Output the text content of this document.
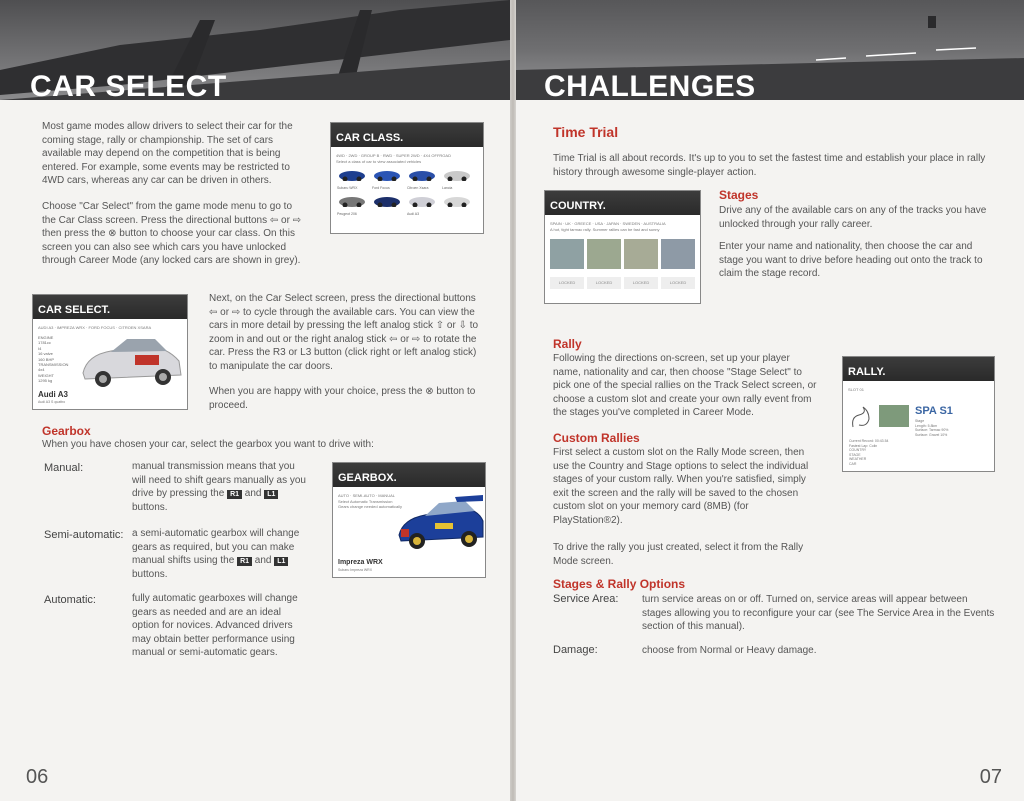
CAR SELECT

Most game modes allow drivers to select their car for the coming stage, rally or championship. The set of cars available may depend on the competition that is being entered. For example, some events may be restricted to 4WD cars, whereas any car can be driven in others.

Choose "Car Select" from the game mode menu to go to the Car Class screen. Press the directional buttons ⇦ or ⇨ then press the ⊗ button to choose your car class. On this screen you can also see which cars you have unlocked through Career Mode (any locked cars are shown in grey).

CAR CLASS.

4WD · 2WD · GROUP B · RWD · SUPER 2WD · 4X4 OFFROAD

Select a class of car to view associated vehicles

Subaru WRX	Ford Focus	Citroen Xsara	Lancia
Peugeot 206	Audi A3

CAR SELECT.

AUDI A3 · IMPREZA WRX · FORD FOCUS · CITROEN XSARA

ENGINE
1781cc
I4
16 valve
160 BHP
TRANSMISSION
4x4
WEIGHT
1295 kg

Audi A3

Audi A3 S quattro

Next, on the Car Select screen, press the directional buttons ⇦ or ⇨ to cycle through the available cars. You can view the cars in more detail by pressing the left analog stick ⇧ or ⇩ to zoom in and out or the right analog stick ⇦ or ⇨ to rotate the car. Press the R3 or L3 button (click right or left analog stick) to manipulate the car doors.

When you are happy with your choice, press the ⊗ button to proceed.

Gearbox

When you have chosen your car, select the gearbox you want to drive with:

Manual:	manual transmission means that you will need to shift gears manually as you drive by pressing the R1 and L1 buttons.

Semi-automatic: a semi-automatic gearbox will change gears as required, but you can make manual shifts using the R1 and L1 buttons.

Automatic:	fully automatic gearboxes will change gears as needed and are an ideal option for novices. Advanced drivers may obtain better performance using manual or semi-automatic gears.

GEARBOX.

AUTO · SEMI-AUTO · MANUAL

Select Automatic Transmission

Gears change needed automatically

Impreza WRX

Subaru Impreza WRX

06

CHALLENGES
Time Trial

Time Trial is all about records. It's up to you to set the fastest time and establish your place in rally history through awesome single-player action.

COUNTRY.

SPAIN · UK · GREECE · USA · JAPAN · SWEDEN · AUSTRALIA

A hot, tight tarmac rally. Summer rallies can be fast and sunny

LOCKED	LOCKED	LOCKED	LOCKED
Stages

Drive any of the available cars on any of the tracks you have unlocked through your rally career.

Enter your name and nationality, then choose the car and stage you want to drive before heading out onto the track to claim the stage record.

Rally

Following the directions on-screen, set up your player name, nationality and car, then choose "Stage Select" to pick one of the special rallies on the Track Select screen, or choose a custom slot and create your own rally event from the stages you've completed in Career Mode.

RALLY.

SLOT 01

SPA S1

Stage
Length: 5.8km
Surface: Tarmac 90%
Surface: Gravel 10%
Current Record: 00:43.54
Fastest Lap: Colin
COUNTRY
STAGE
WEATHER
CAR
Custom Rallies

First select a custom slot on the Rally Mode screen, then use the Country and Stage options to select the individual stages of your custom rally. When you're satisfied, simply exit the screen and the rally will be saved to the chosen custom slot on your memory card (8MB) (for PlayStation®2).

To drive the rally you just created, select it from the Rally Mode screen.

Stages & Rally Options

Service Area: turn service areas on or off. Turned on, service areas will appear between stages allowing you to reconfigure your car (see The Service Area in the Events section of this manual).

Damage:	choose from Normal or Heavy damage.

07
